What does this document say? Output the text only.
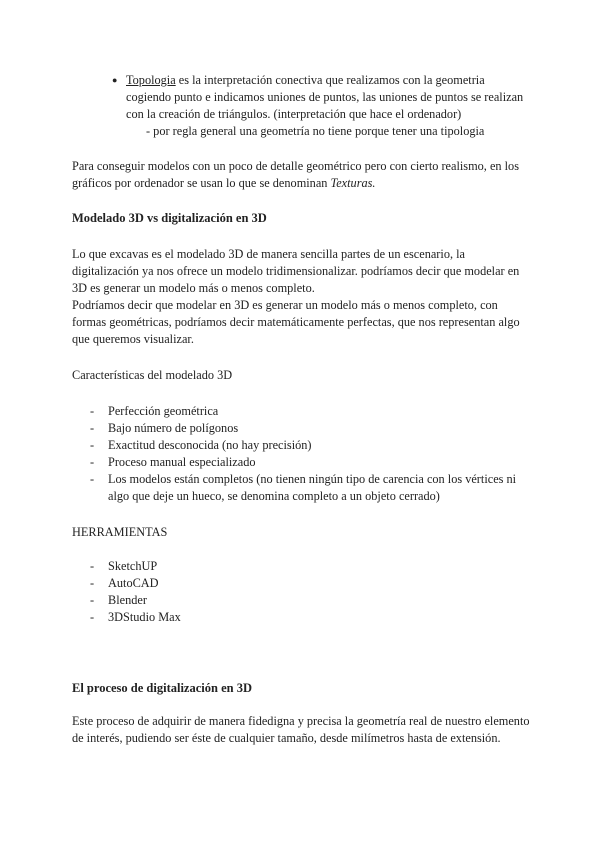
● Topologia es la interpretación conectiva que realizamos con la geometria cogiendo punto e indicamos uniones de puntos, las uniones de puntos se realizan con la creación de triángulos. (interpretación que hace el ordenador)
- por regla general una geometría no tiene porque tener una tipologia

Para conseguir modelos con un poco de detalle geométrico pero con cierto realismo, en los gráficos por ordenador se usan lo que se denominan Texturas.

Modelado 3D vs digitalización en 3D

Lo que excavas es el modelado 3D de manera sencilla partes de un escenario, la digitalización ya nos ofrece un modelo tridimensionalizar. podríamos decir que modelar en 3D es generar un modelo más o menos completo.

Podríamos decir que modelar en 3D es generar un modelo más o menos completo, con formas geométricas, podríamos decir matemáticamente perfectas, que nos representan algo que queremos visualizar.

Características del modelado 3D

- Perfección geométrica
- Bajo número de polígonos
- Exactitud desconocida (no hay precisión)
- Proceso manual especializado
- Los modelos están completos (no tienen ningún tipo de carencia con los vértices ni algo que deje un hueco, se denomina completo a un objeto cerrado)

HERRAMIENTAS

- SketchUP
- AutoCAD
- Blender
- 3DStudio Max

El proceso de digitalización en 3D

Este proceso de adquirir de manera fidedigna y precisa la geometría real de nuestro elemento de interés, pudiendo ser éste de cualquier tamaño, desde milímetros hasta de extensión.
